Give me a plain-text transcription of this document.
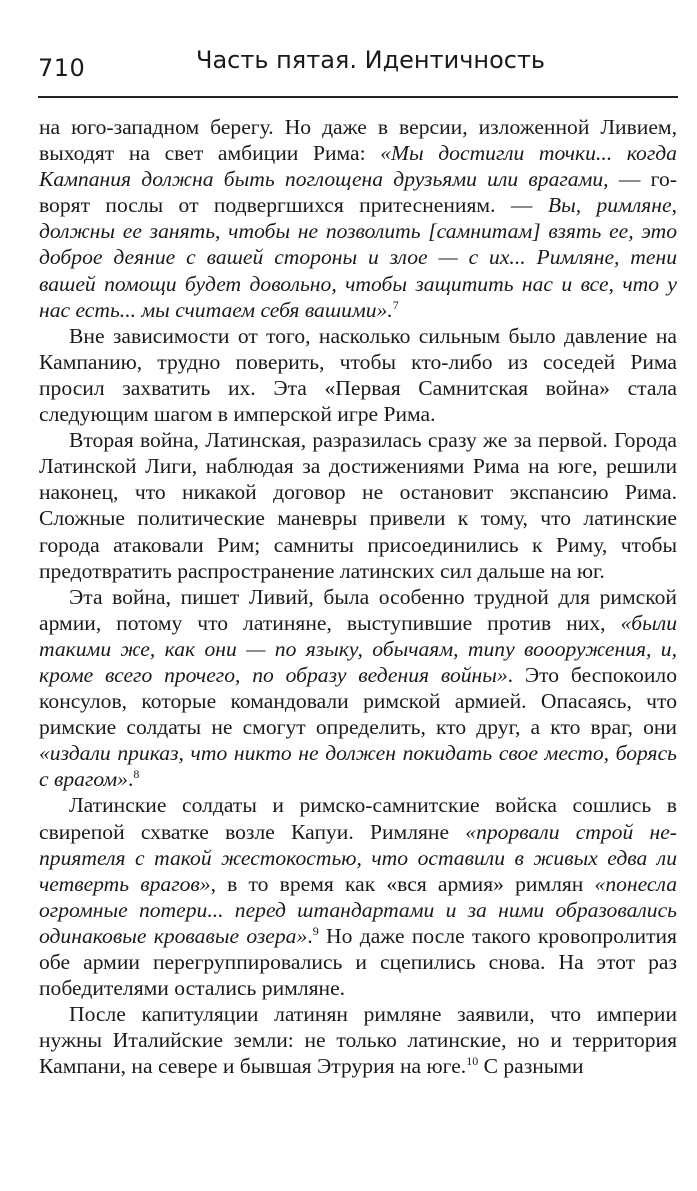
710	Часть пятая. Идентичность

на юго-западном берегу. Но даже в версии, изложенной Ливием, выходят на свет амбиции Рима: «Мы достигли точки... когда Кампания должна быть поглощена друзьями или врагами, — говорят послы от подвергшихся притеснениям. — Вы, римляне, должны ее занять, чтобы не позволить [самнитам] взять ее, это доброе деяние с вашей стороны и злое — с их... Римляне, тени вашей помощи будет довольно, чтобы защитить нас и все, что у нас есть... мы считаем себя вашими».$^7$

Вне зависимости от того, насколько сильным было давление на Кампанию, трудно поверить, чтобы кто-либо из соседей Рима просил захватить их. Эта «Первая Самнитская война» стала следующим шагом в имперской игре Рима.

Вторая война, Латинская, разразилась сразу же за первой. Города Латинской Лиги, наблюдая за достижениями Рима на юге, решили наконец, что никакой договор не остановит экспансию Рима. Сложные политические маневры привели к тому, что латинские города атаковали Рим; самниты присоединились к Риму, чтобы предотвратить распространение латинских сил дальше на юг.

Эта война, пишет Ливий, была особенно трудной для римской армии, потому что латиняне, выступившие против них, «были такими же, как они — по языку, обычаям, типу воооружения, и, кроме всего прочего, по образу ведения войны». Это беспокоило консулов, которые командовали римской армией. Опасаясь, что римские солдаты не смогут определить, кто друг, а кто враг, они «издали приказ, что никто не должен покидать свое место, борясь с врагом».$^8$

Латинские солдаты и римско-самнитские войска сошлись в свирепой схватке возле Капуи. Римляне «прорвали строй неприятеля с такой жестокостью, что оставили в живых едва ли четверть врагов», в то время как «вся армия» римлян «понесла огромные потери... перед штандартами и за ними образовались одинаковые кровавые озера».$^9$ Но даже после такого кровопролития обе армии перегруппировались и сцепились снова. На этот раз победителями остались римляне.

После капитуляции латинян римляне заявили, что империи нужны Италийские земли: не только латинские, но и территория Кампани, на севере и бывшая Этрурия на юге.$^{10}$ С разными
